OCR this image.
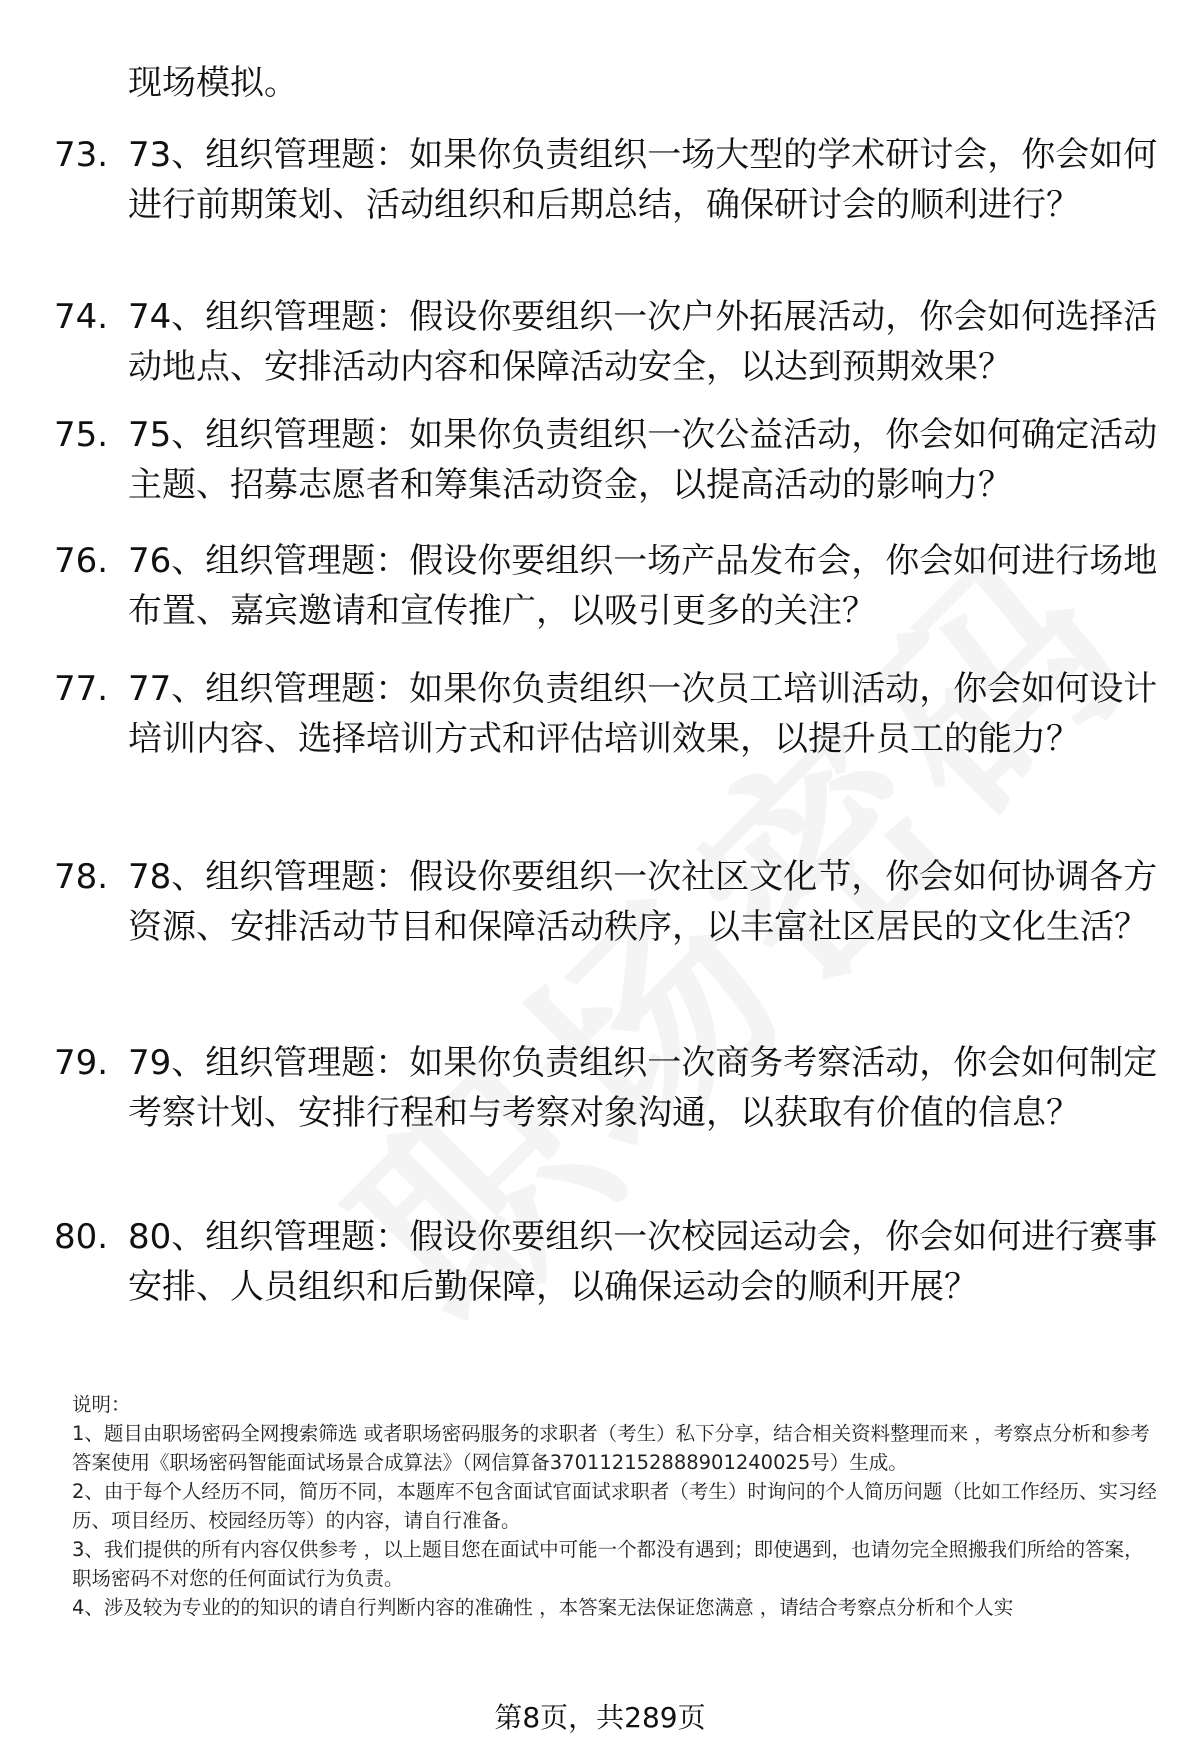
现场模拟。
73. 73、组织管理题：如果你负责组织一场大型的学术研讨会，你会如何进行前期策划、活动组织和后期总结，确保研讨会的顺利进行？
74. 74、组织管理题：假设你要组织一次户外拓展活动，你会如何选择活动地点、安排活动内容和保障活动安全，以达到预期效果？
75. 75、组织管理题：如果你负责组织一次公益活动，你会如何确定活动主题、招募志愿者和筹集活动资金，以提高活动的影响力？
76. 76、组织管理题：假设你要组织一场产品发布会，你会如何进行场地布置、嘉宾邀请和宣传推广，以吸引更多的关注？
77. 77、组织管理题：如果你负责组织一次员工培训活动，你会如何设计培训内容、选择培训方式和评估培训效果，以提升员工的能力？
78. 78、组织管理题：假设你要组织一次社区文化节，你会如何协调各方资源、安排活动节目和保障活动秩序，以丰富社区居民的文化生活？
79. 79、组织管理题：如果你负责组织一次商务考察活动，你会如何制定考察计划、安排行程和与考察对象沟通，以获取有价值的信息？
80. 80、组织管理题：假设你要组织一次校园运动会，你会如何进行赛事安排、人员组织和后勤保障，以确保运动会的顺利开展？

说明：

1、题目由职场密码全网搜索筛选 或者职场密码服务的求职者（考生）私下分享，结合相关资料整理而来 ，考察点分析和参考答案使用《职场密码智能面试场景合成算法》（网信算备370112152888901240025号）生成。

2、由于每个人经历不同，简历不同，本题库不包含面试官面试求职者（考生）时询问的个人简历问题（比如工作经历、实习经历、项目经历、校园经历等）的内容，请自行准备。

3、我们提供的所有内容仅供参考 ，以上题目您在面试中可能一个都没有遇到；即使遇到，也请勿完全照搬我们所给的答案，职场密码不对您的任何面试行为负责。

4、涉及较为专业的的知识的请自行判断内容的准确性 ，本答案无法保证您满意 ，请结合考察点分析和个人实

第8页，共289页
